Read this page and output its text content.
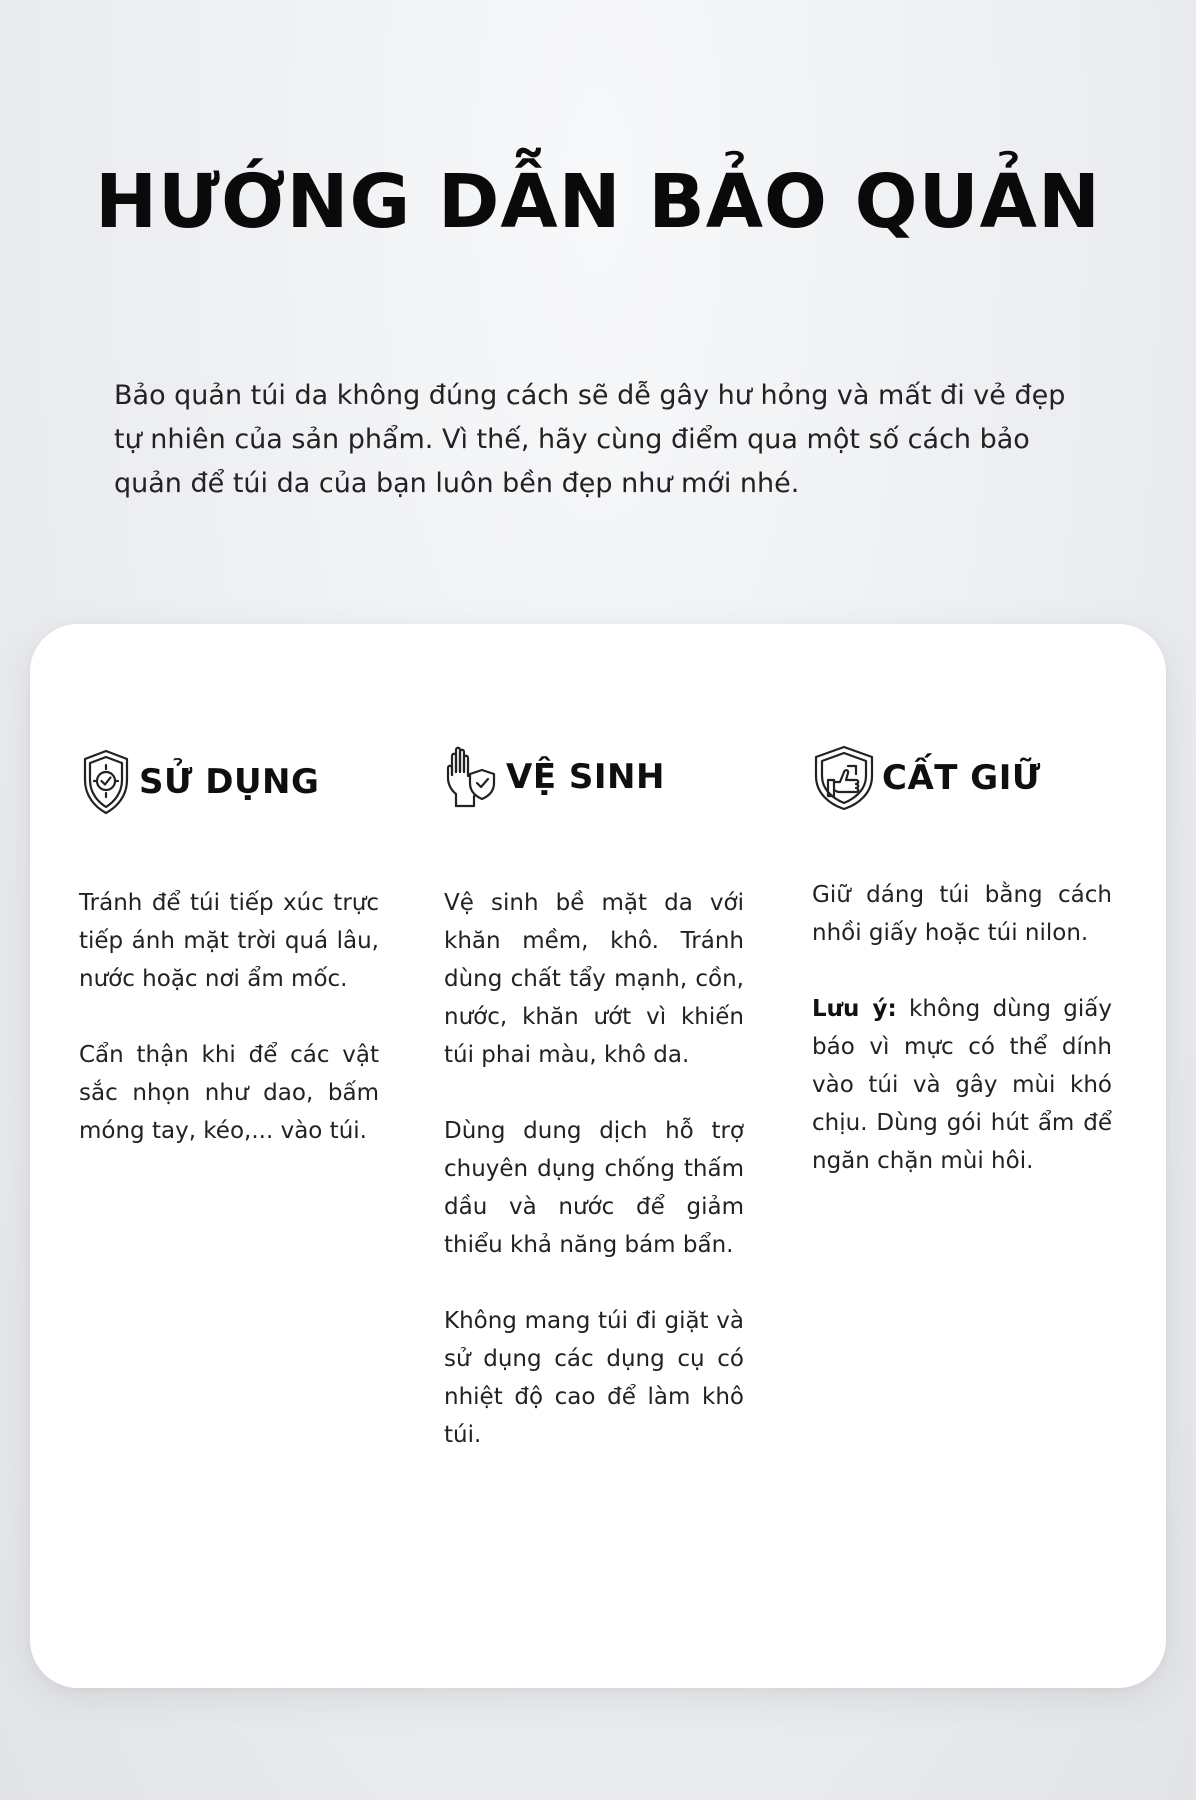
HƯỚNG DẪN BẢO QUẢN
Bảo quản túi da không đúng cách sẽ dễ gây hư hỏng và mất đi vẻ đẹp tự nhiên của sản phẩm. Vì thế, hãy cùng điểm qua một số cách bảo quản để túi da của bạn luôn bền đẹp như mới nhé.
SỬ DỤNG

Tránh để túi tiếp xúc trực tiếp ánh mặt trời quá lâu, nước hoặc nơi ẩm mốc.

Cẩn thận khi để các vật sắc nhọn như dao, bấm móng tay, kéo,... vào túi.

VỆ SINH

Vệ sinh bề mặt da với khăn mềm, khô. Tránh dùng chất tẩy mạnh, cồn, nước, khăn ướt vì khiến túi phai màu, khô da.

Dùng dung dịch hỗ trợ chuyên dụng chống thấm dầu và nước để giảm thiểu khả năng bám bẩn.

Không mang túi đi giặt và sử dụng các dụng cụ có nhiệt độ cao để làm khô túi.

CẤT GIỮ

Giữ dáng túi bằng cách nhồi giấy hoặc túi nilon.

Lưu ý: không dùng giấy báo vì mực có thể dính vào túi và gây mùi khó chịu. Dùng gói hút ẩm để ngăn chặn mùi hôi.
